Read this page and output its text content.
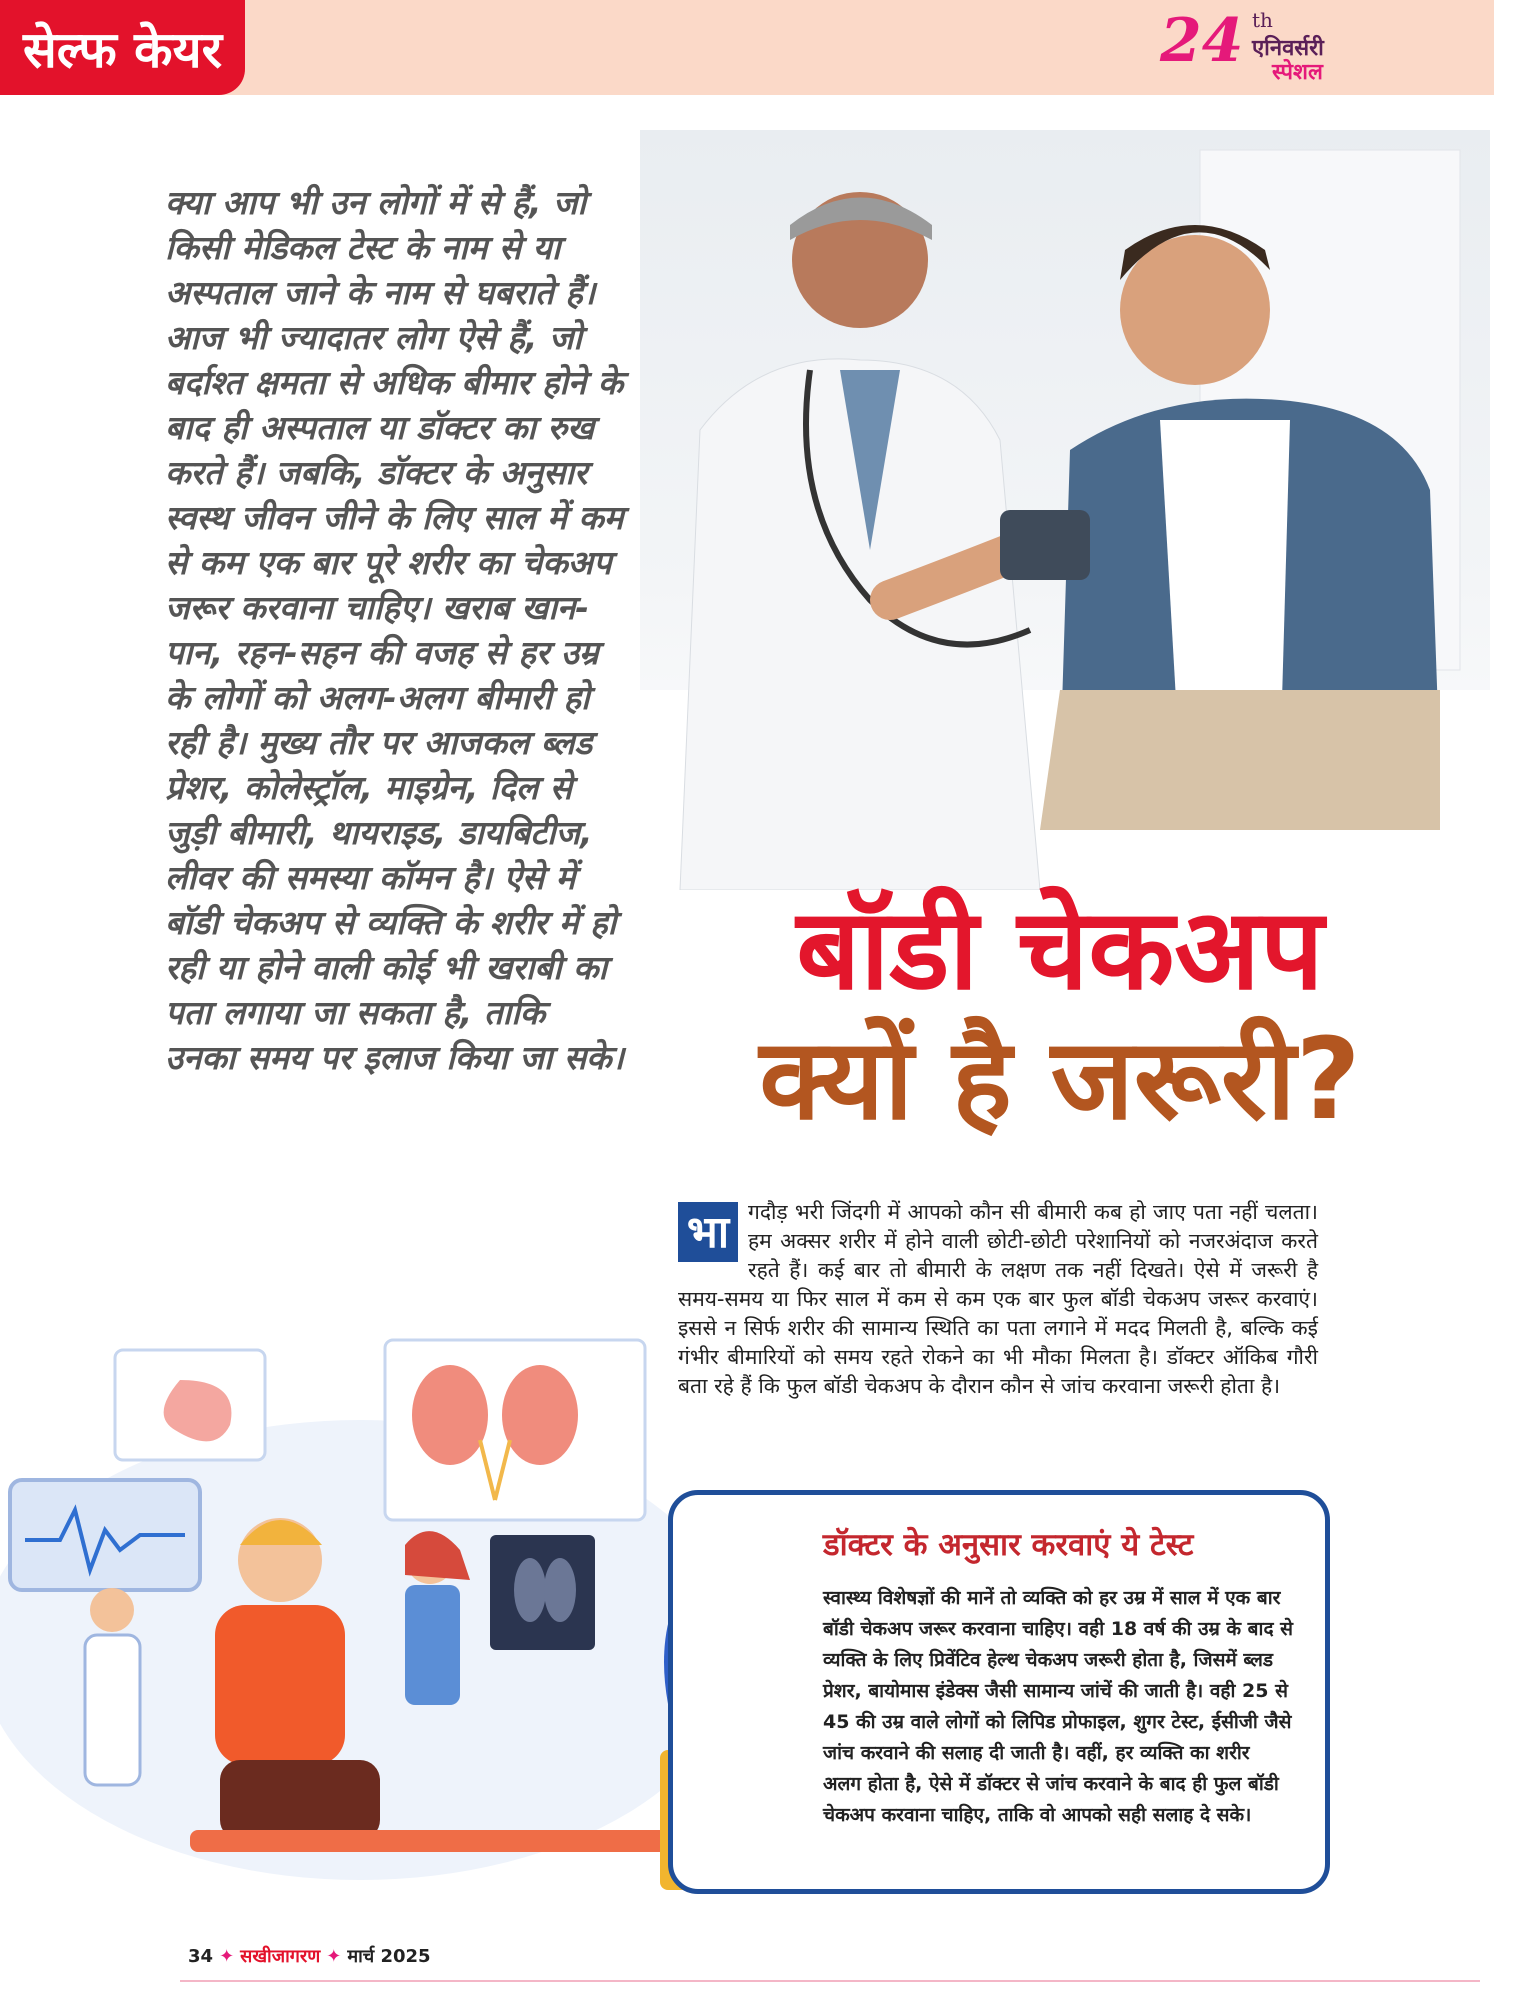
सेल्फ केयर	24 th
एनिवर्सरी
स्पेशल
क्या आप भी उन लोगों में से हैं, जो किसी मेडिकल टेस्ट के नाम से या अस्पताल जाने के नाम से घबराते हैं। आज भी ज्यादातर लोग ऐसे हैं, जो बर्दाश्त क्षमता से अधिक बीमार होने के बाद ही अस्पताल या डॉक्टर का रुख करते हैं। जबकि, डॉक्टर के अनुसार स्वस्थ जीवन जीने के लिए साल में कम से कम एक बार पूरे शरीर का चेकअप जरूर करवाना चाहिए। खराब खान-पान, रहन-सहन की वजह से हर उम्र के लोगों को अलग-अलग बीमारी हो रही है। मुख्य तौर पर आजकल ब्लड प्रेशर, कोलेस्ट्रॉल, माइग्रेन, दिल से जुड़ी बीमारी, थायराइड, डायबिटीज, लीवर की समस्या कॉमन है। ऐसे में बॉडी चेकअप से व्यक्ति के शरीर में हो रही या होने वाली कोई भी खराबी का पता लगाया जा सकता है, ताकि उनका समय पर इलाज किया जा सके।
बॉडी चेकअप
क्यों है जरूरी?
भा गदौड़ भरी जिंदगी में आपको कौन सी बीमारी कब हो जाए पता नहीं चलता। हम अक्सर शरीर में होने वाली छोटी-छोटी परेशानियों को नजरअंदाज करते रहते हैं। कई बार तो बीमारी के लक्षण तक नहीं दिखते। ऐसे में जरूरी है समय-समय या फिर साल में कम से कम एक बार फुल बॉडी चेकअप जरूर करवाएं। इससे न सिर्फ शरीर की सामान्य स्थिति का पता लगाने में मदद मिलती है, बल्कि कई गंभीर बीमारियों को समय रहते रोकने का भी मौका मिलता है। डॉक्टर ऑकिब गौरी बता रहे हैं कि फुल बॉडी चेकअप के दौरान कौन से जांच करवाना जरूरी होता है।
डॉक्टर के अनुसार करवाएं ये टेस्ट
स्वास्थ्य विशेषज्ञों की मानें तो व्यक्ति को हर उम्र में साल में एक बार बॉडी चेकअप जरूर करवाना चाहिए। वही 18 वर्ष की उम्र के बाद से व्यक्ति के लिए प्रिवेंटिव हेल्थ चेकअप जरूरी होता है, जिसमें ब्लड प्रेशर, बायोमास इंडेक्स जैसी सामान्य जांचें की जाती है। वही 25 से 45 की उम्र वाले लोगों को लिपिड प्रोफाइल, शुगर टेस्ट, ईसीजी जैसे जांच करवाने की सलाह दी जाती है। वहीं, हर व्यक्ति का शरीर अलग होता है, ऐसे में डॉक्टर से जांच करवाने के बाद ही फुल बॉडी चेकअप करवाना चाहिए, ताकि वो आपको सही सलाह दे सके।
34 ✦ सखीजागरण ✦ मार्च 2025
